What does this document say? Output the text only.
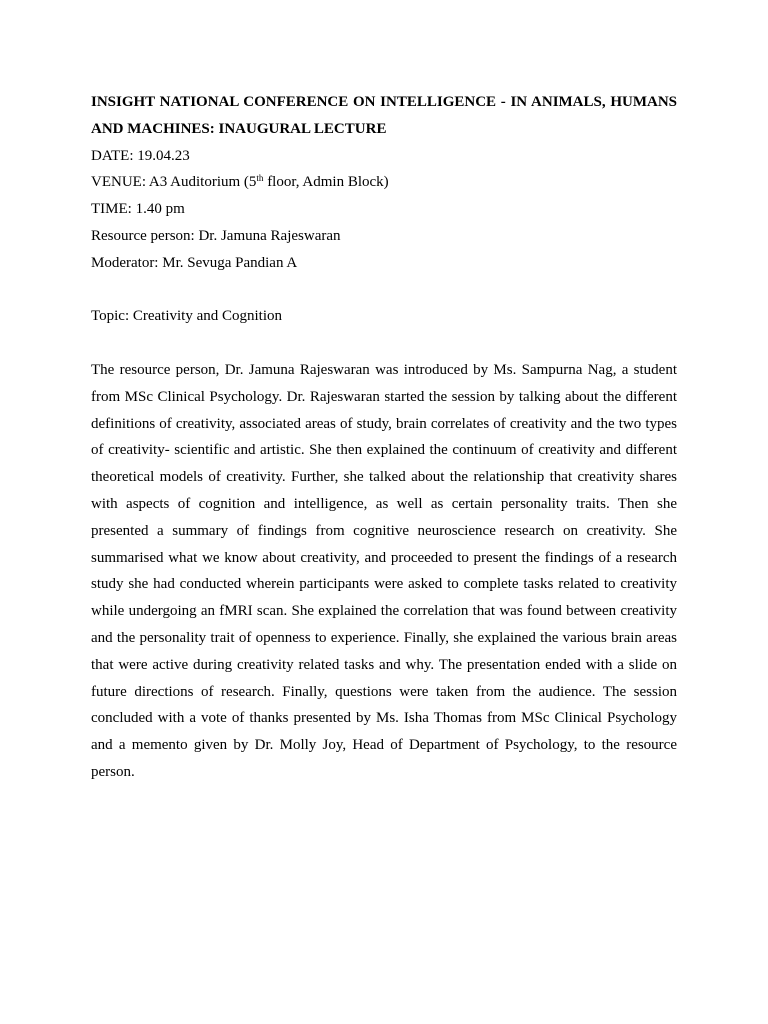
INSIGHT NATIONAL CONFERENCE ON INTELLIGENCE - IN ANIMALS, HUMANS AND MACHINES: INAUGURAL LECTURE

DATE: 19.04.23

VENUE: A3 Auditorium (5th floor, Admin Block)

TIME: 1.40 pm

Resource person: Dr. Jamuna Rajeswaran

Moderator: Mr. Sevuga Pandian A

Topic: Creativity and Cognition

The resource person, Dr. Jamuna Rajeswaran was introduced by Ms. Sampurna Nag, a student from MSc Clinical Psychology. Dr. Rajeswaran started the session by talking about the different definitions of creativity, associated areas of study, brain correlates of creativity and the two types of creativity- scientific and artistic. She then explained the continuum of creativity and different theoretical models of creativity. Further, she talked about the relationship that creativity shares with aspects of cognition and intelligence, as well as certain personality traits. Then she presented a summary of findings from cognitive neuroscience research on creativity. She summarised what we know about creativity, and proceeded to present the findings of a research study she had conducted wherein participants were asked to complete tasks related to creativity while undergoing an fMRI scan. She explained the correlation that was found between creativity and the personality trait of openness to experience. Finally, she explained the various brain areas that were active during creativity related tasks and why. The presentation ended with a slide on future directions of research. Finally, questions were taken from the audience. The session concluded with a vote of thanks presented by Ms. Isha Thomas from MSc Clinical Psychology and a memento given by Dr. Molly Joy, Head of Department of Psychology, to the resource person.
